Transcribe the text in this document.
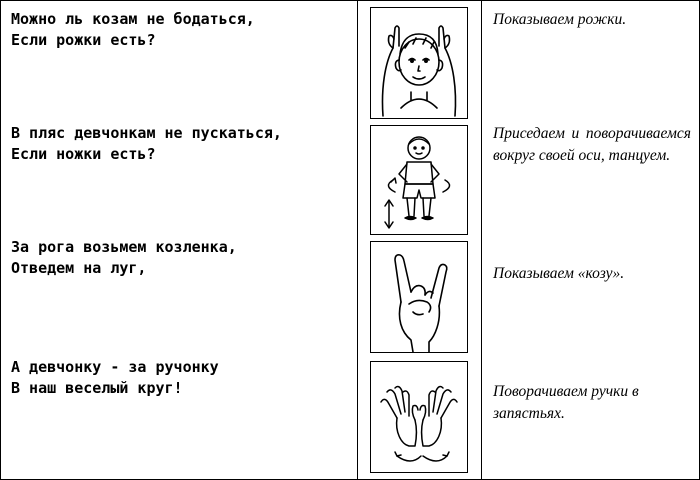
Можно ль козам не бодаться,
Если рожки есть?
Показываем рожки.
В пляс девчонкам не пускаться,
Если ножки есть?
Приседаем и поворачиваемся вокруг своей оси, танцуем.
За рога возьмем козленка,
Отведем на луг,	Показываем «козу».
А девчонку - за ручонку
В наш веселый круг!	Поворачиваем ручки в запястьях.
